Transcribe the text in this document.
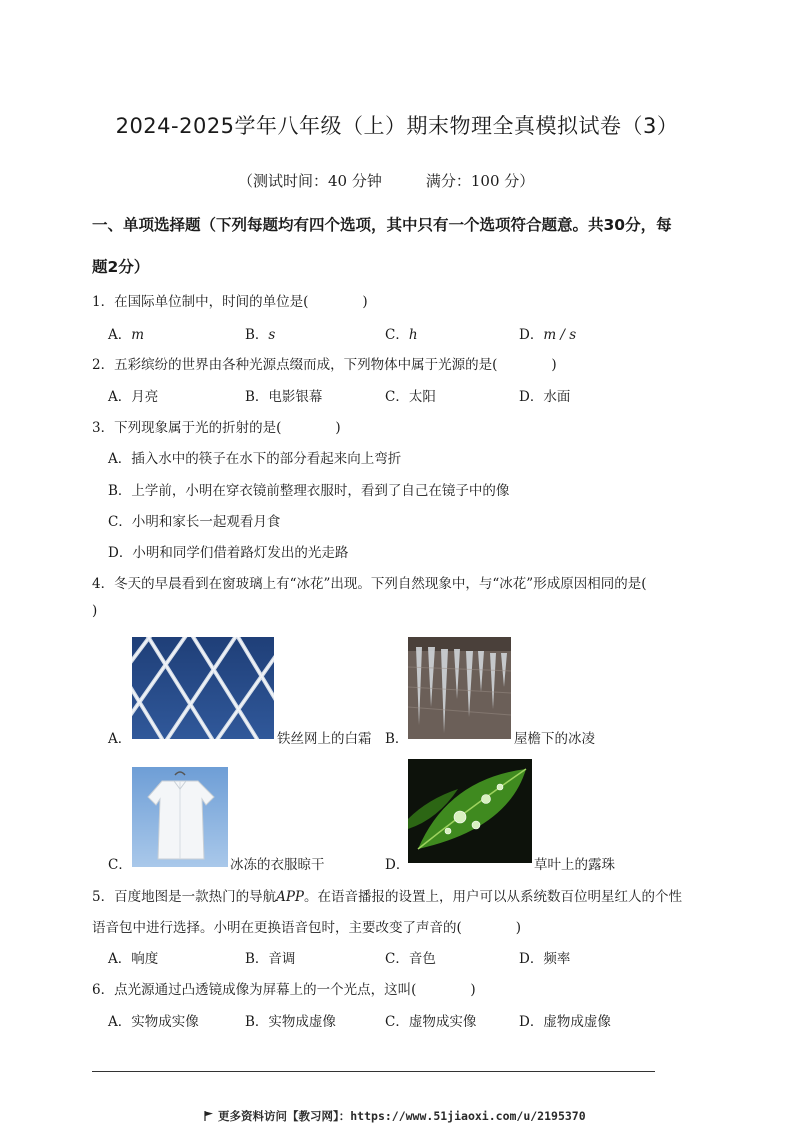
2024-2025学年八年级（上）期末物理全真模拟试卷（3）
（测试时间：40 分钟	满分：100 分）
一、单项选择题（下列每题均有四个选项，其中只有一个选项符合题意。共30分，每
题2分）
1．在国际单位制中，时间的单位是(　　　　)
A．m	B．s	C．h	D．m / s
2．五彩缤纷的世界由各种光源点缀而成，下列物体中属于光源的是(　　　　)
A．月亮	B．电影银幕	C．太阳	D．水面
3．下列现象属于光的折射的是(　　　　)
A．插入水中的筷子在水下的部分看起来向上弯折
B．上学前，小明在穿衣镜前整理衣服时，看到了自己在镜子中的像
C．小明和家长一起观看月食
D．小明和同学们借着路灯发出的光走路
4．冬天的早晨看到在窗玻璃上有“冰花”出现。下列自然现象中，与“冰花”形成原因相同的是(
)
A．	铁丝网上的白霜 B．	屋檐下的冰凌
C．	冰冻的衣服晾干	D．	草叶上的露珠
5．百度地图是一款热门的导航APP。在语音播报的设置上，用户可以从系统数百位明星红人的个性
语音包中进行选择。小明在更换语音包时，主要改变了声音的(　　　　)
A．响度	B．音调	C．音色	D．频率
6．点光源通过凸透镜成像为屏幕上的一个光点，这叫(　　　　)
A．实物成实像	B．实物成虚像	C．虚物成实像	D．虚物成虚像
更多资料访问【教习网】：https://www.51jiaoxi.com/u/2195370
